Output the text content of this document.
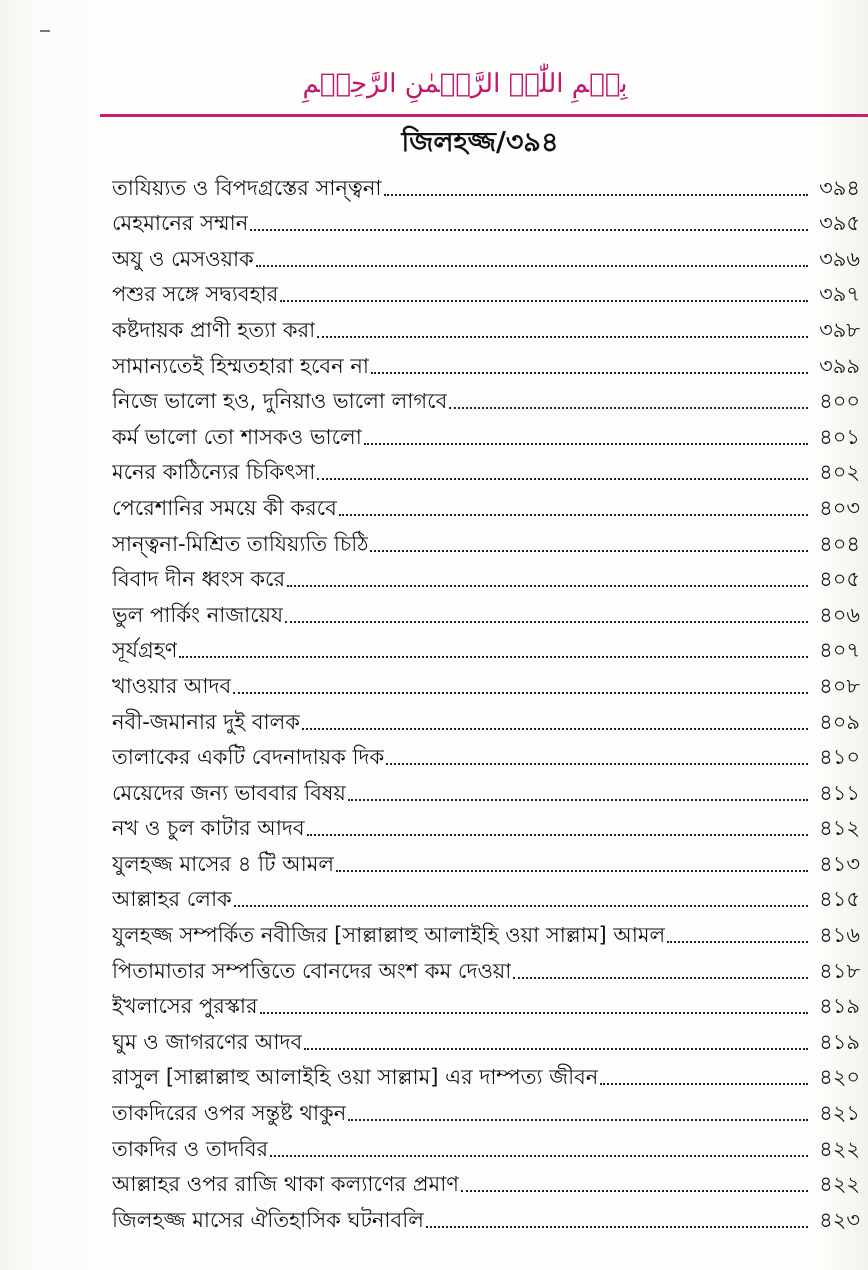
بِسۡمِ اللّٰہِ الرَّحۡمٰنِ الرَّحِیۡمِ
জিলহজ্জ/৩৯৪
তাযিয়্যত ও বিপদগ্রস্তের সান্ত্বনা	৩৯৪
মেহমানের সম্মান	৩৯৫
অযু ও মেসওয়াক	৩৯৬
পশুর সঙ্গে সদ্ব্যবহার	৩৯৭
কষ্টদায়ক প্রাণী হত্যা করা	৩৯৮
সামান্যতেই হিম্মতহারা হবেন না	৩৯৯
নিজে ভালো হও, দুনিয়াও ভালো লাগবে	৪০০
কর্ম ভালো তো শাসকও ভালো	৪০১
মনের কাঠিন্যের চিকিৎসা	৪০২
পেরেশানির সময়ে কী করবে	৪০৩
সান্ত্বনা-মিশ্রিত তাযিয়্যতি চিঠি	৪০৪
বিবাদ দীন ধ্বংস করে	৪০৫
ভুল পার্কিং নাজায়েয	৪০৬
সূর্যগ্রহণ	৪০৭
খাওয়ার আদব	৪০৮
নবী-জমানার দুই বালক	৪০৯
তালাকের একটি বেদনাদায়ক দিক	৪১০
মেয়েদের জন্য ভাববার বিষয়	৪১১
নখ ও চুল কাটার আদব	৪১২
যুলহজ্জ মাসের ৪ টি আমল	৪১৩
আল্লাহর লোক	৪১৫
যুলহজ্জ সম্পর্কিত নবীজির [সাল্লাল্লাহু আলাইহি ওয়া সাল্লাম] আমল	৪১৬
পিতামাতার সম্পত্তিতে বোনদের অংশ কম দেওয়া	৪১৮
ইখলাসের পুরস্কার	৪১৯
ঘুম ও জাগরণের আদব	৪১৯
রাসুল [সাল্লাল্লাহু আলাইহি ওয়া সাল্লাম] এর দাম্পত্য জীবন	৪২০
তাকদিরের ওপর সন্তুষ্ট থাকুন	৪২১
তাকদির ও তাদবির	৪২২
আল্লাহর ওপর রাজি থাকা কল্যাণের প্রমাণ	৪২২
জিলহজ্জ মাসের ঐতিহাসিক ঘটনাবলি	৪২৩
